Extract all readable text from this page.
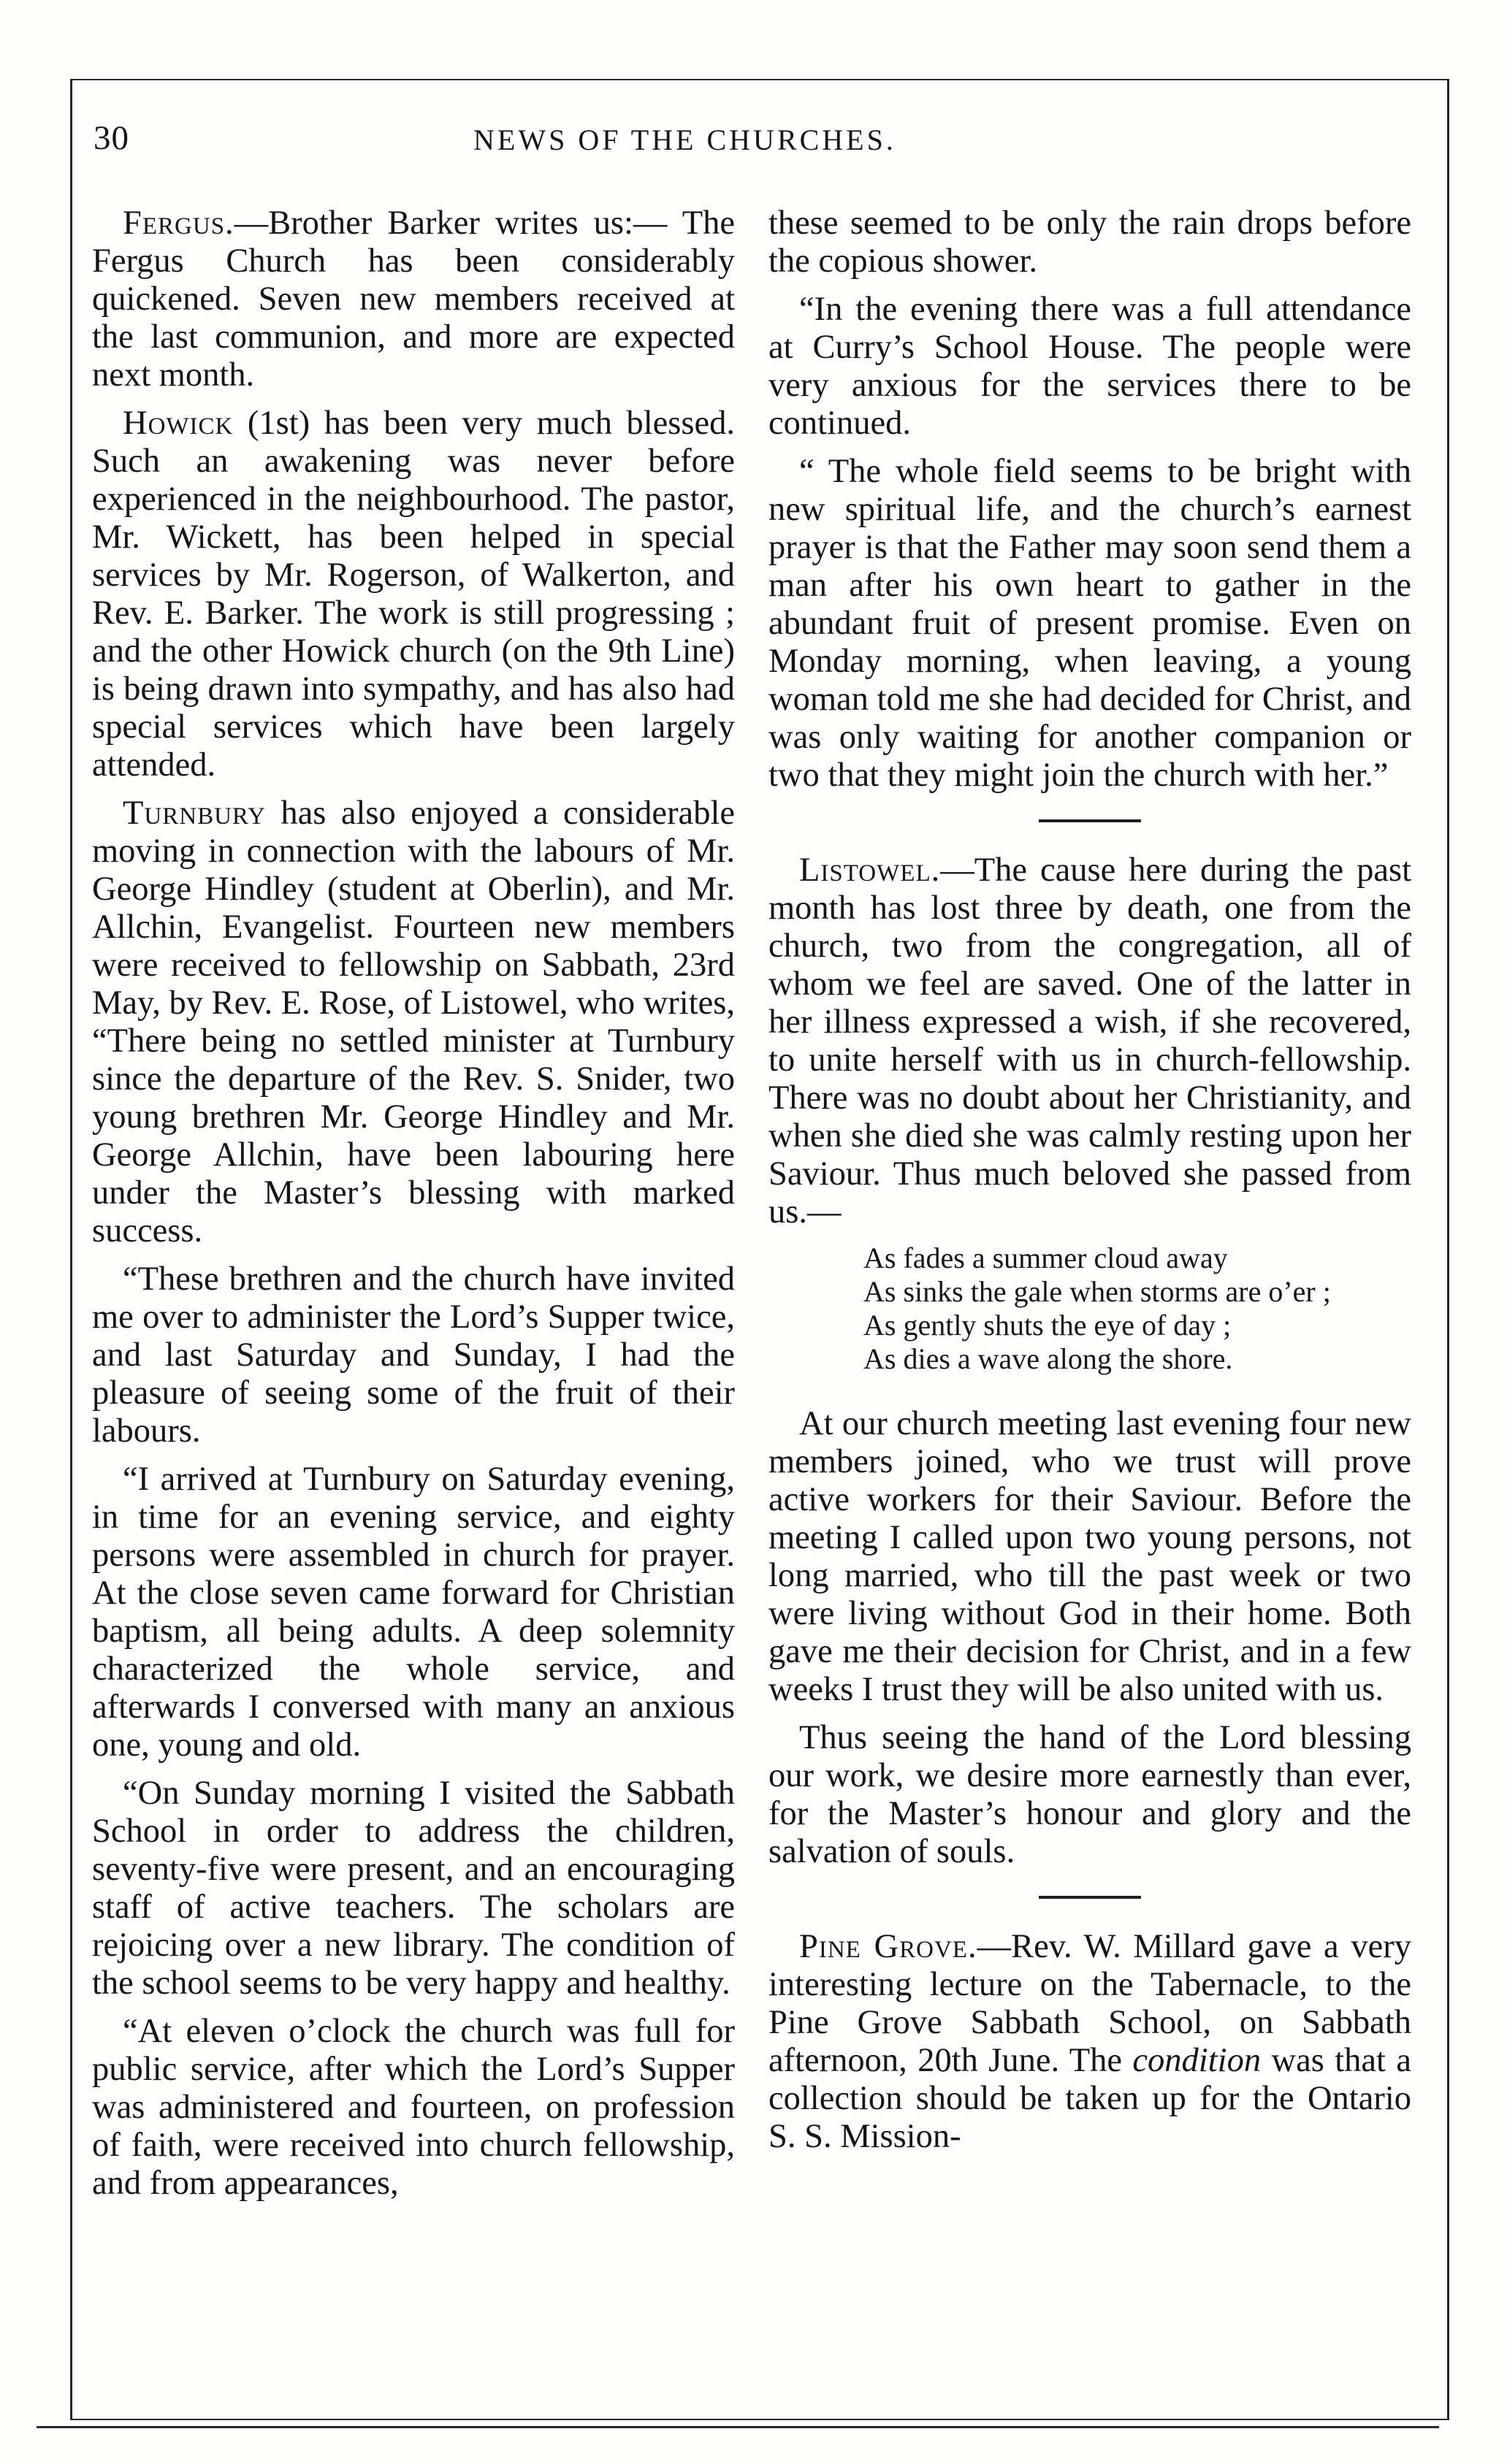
30	NEWS OF THE CHURCHES.

Fergus.—Brother Barker writes us:— The Fergus Church has been considerably quickened. Seven new members received at the last communion, and more are expected next month.

Howick (1st) has been very much blessed. Such an awakening was never before experienced in the neighbourhood. The pastor, Mr. Wickett, has been helped in special services by Mr. Rogerson, of Walkerton, and Rev. E. Barker. The work is still progressing ; and the other Howick church (on the 9th Line) is being drawn into sympathy, and has also had special services which have been largely attended.

Turnbury has also enjoyed a considerable moving in connection with the labours of Mr. George Hindley (student at Oberlin), and Mr. Allchin, Evangelist. Fourteen new members were received to fellowship on Sabbath, 23rd May, by Rev. E. Rose, of Listowel, who writes, “There being no settled minister at Turnbury since the departure of the Rev. S. Snider, two young brethren Mr. George Hindley and Mr. George Allchin, have been labouring here under the Master’s blessing with marked success.

“These brethren and the church have invited me over to administer the Lord’s Supper twice, and last Saturday and Sunday, I had the pleasure of seeing some of the fruit of their labours.

“I arrived at Turnbury on Saturday evening, in time for an evening service, and eighty persons were assembled in church for prayer. At the close seven came forward for Christian baptism, all being adults. A deep solemnity characterized the whole service, and afterwards I conversed with many an anxious one, young and old.

“On Sunday morning I visited the Sabbath School in order to address the children, seventy-five were present, and an encouraging staff of active teachers. The scholars are rejoicing over a new library. The condition of the school seems to be very happy and healthy.

“At eleven o’clock the church was full for public service, after which the Lord’s Supper was administered and fourteen, on profession of faith, were received into church fellowship, and from appearances,

these seemed to be only the rain drops before the copious shower.

“In the evening there was a full attendance at Curry’s School House. The people were very anxious for the services there to be continued.

“ The whole field seems to be bright with new spiritual life, and the church’s earnest prayer is that the Father may soon send them a man after his own heart to gather in the abundant fruit of present promise. Even on Monday morning, when leaving, a young woman told me she had decided for Christ, and was only waiting for another companion or two that they might join the church with her.”

Listowel.—The cause here during the past month has lost three by death, one from the church, two from the congregation, all of whom we feel are saved. One of the latter in her illness expressed a wish, if she recovered, to unite herself with us in church-fellowship. There was no doubt about her Christianity, and when she died she was calmly resting upon her Saviour. Thus much beloved she passed from us.—

As fades a summer cloud away
As sinks the gale when storms are o’er ;
As gently shuts the eye of day ;
As dies a wave along the shore.

At our church meeting last evening four new members joined, who we trust will prove active workers for their Saviour. Before the meeting I called upon two young persons, not long married, who till the past week or two were living without God in their home. Both gave me their decision for Christ, and in a few weeks I trust they will be also united with us.

Thus seeing the hand of the Lord blessing our work, we desire more earnestly than ever, for the Master’s honour and glory and the salvation of souls.

Pine Grove.—Rev. W. Millard gave a very interesting lecture on the Tabernacle, to the Pine Grove Sabbath School, on Sabbath afternoon, 20th June. The condition was that a collection should be taken up for the Ontario S. S. Mission-
